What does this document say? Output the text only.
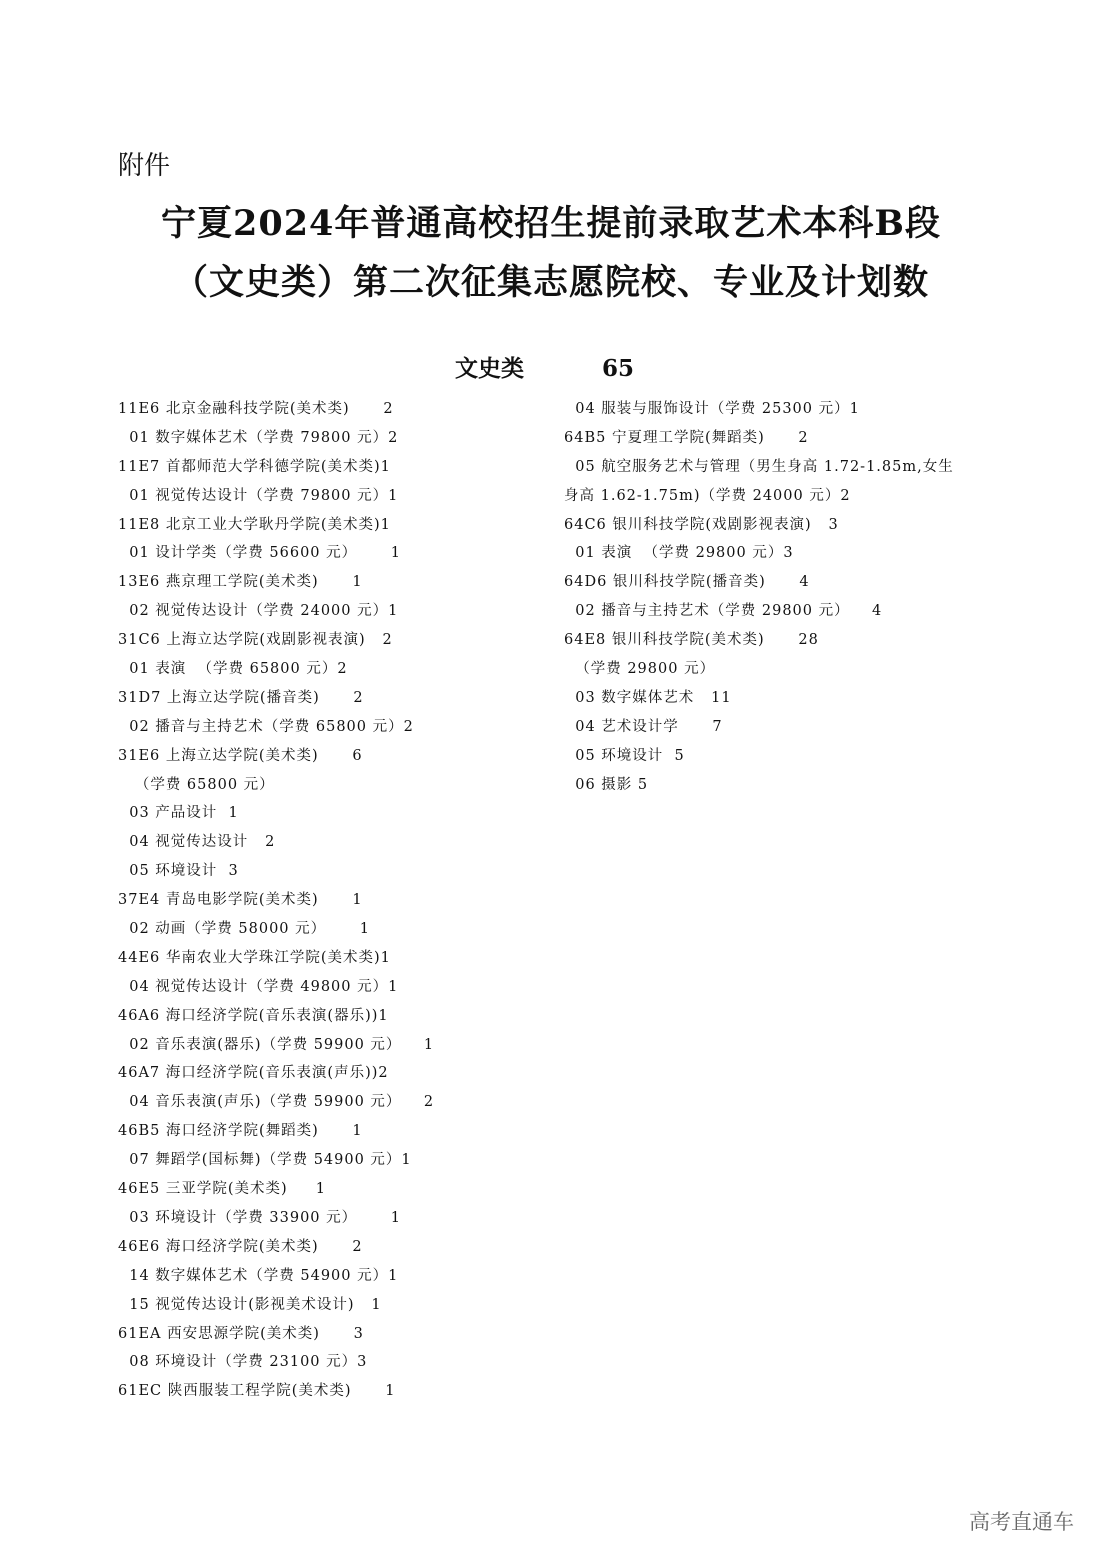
附件
宁夏2024年普通高校招生提前录取艺术本科B段
（文史类）第二次征集志愿院校、专业及计划数
文史类	65
11E6 北京金融科技学院(美术类)      2
01 数字媒体艺术（学费 79800 元）2
11E7 首都师范大学科德学院(美术类)1
01 视觉传达设计（学费 79800 元）1
11E8 北京工业大学耿丹学院(美术类)1
01 设计学类（学费 56600 元）      1
13E6 燕京理工学院(美术类)      1
02 视觉传达设计（学费 24000 元）1
31C6 上海立达学院(戏剧影视表演)   2
01 表演  （学费 65800 元）2
31D7 上海立达学院(播音类)      2
02 播音与主持艺术（学费 65800 元）2
31E6 上海立达学院(美术类)      6
（学费 65800 元）
03 产品设计  1
04 视觉传达设计   2
05 环境设计  3
37E4 青岛电影学院(美术类)      1
02 动画（学费 58000 元）      1
44E6 华南农业大学珠江学院(美术类)1
04 视觉传达设计（学费 49800 元）1
46A6 海口经济学院(音乐表演(器乐))1
02 音乐表演(器乐)（学费 59900 元）    1
46A7 海口经济学院(音乐表演(声乐))2
04 音乐表演(声乐)（学费 59900 元）    2
46B5 海口经济学院(舞蹈类)      1
07 舞蹈学(国标舞)（学费 54900 元）1
46E5 三亚学院(美术类)     1
03 环境设计（学费 33900 元）      1
46E6 海口经济学院(美术类)      2
14 数字媒体艺术（学费 54900 元）1
15 视觉传达设计(影视美术设计)   1
61EA 西安思源学院(美术类)      3
08 环境设计（学费 23100 元）3
61EC 陕西服装工程学院(美术类)      1
04 服装与服饰设计（学费 25300 元）1
64B5 宁夏理工学院(舞蹈类)      2
05 航空服务艺术与管理（男生身高 1.72-1.85m,女生
身高 1.62-1.75m)（学费 24000 元）2
64C6 银川科技学院(戏剧影视表演)   3
01 表演  （学费 29800 元）3
64D6 银川科技学院(播音类)      4
02 播音与主持艺术（学费 29800 元）    4
64E8 银川科技学院(美术类)      28
（学费 29800 元）
03 数字媒体艺术   11
04 艺术设计学      7
05 环境设计  5
06 摄影 5
高考直通车
